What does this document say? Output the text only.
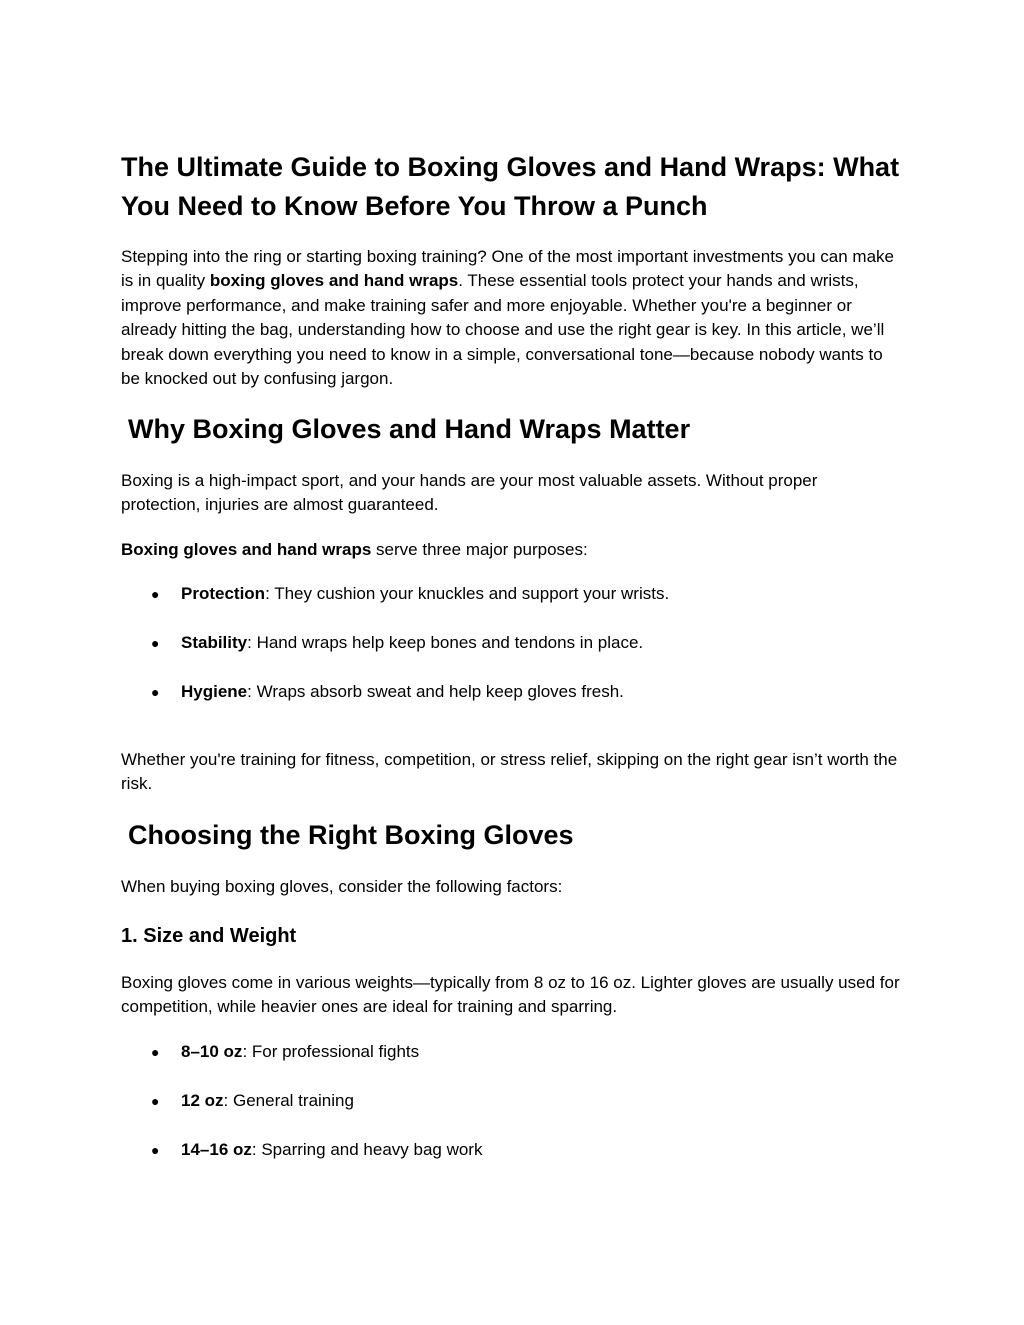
The Ultimate Guide to Boxing Gloves and Hand Wraps: What You Need to Know Before You Throw a Punch

Stepping into the ring or starting boxing training? One of the most important investments you can make is in quality boxing gloves and hand wraps. These essential tools protect your hands and wrists, improve performance, and make training safer and more enjoyable. Whether you're a beginner or already hitting the bag, understanding how to choose and use the right gear is key. In this article, we’ll break down everything you need to know in a simple, conversational tone—because nobody wants to be knocked out by confusing jargon.

Why Boxing Gloves and Hand Wraps Matter

Boxing is a high-impact sport, and your hands are your most valuable assets. Without proper protection, injuries are almost guaranteed.

Boxing gloves and hand wraps serve three major purposes:

● Protection: They cushion your knuckles and support your wrists.
● Stability: Hand wraps help keep bones and tendons in place.
● Hygiene: Wraps absorb sweat and help keep gloves fresh.

Whether you're training for fitness, competition, or stress relief, skipping on the right gear isn’t worth the risk.

Choosing the Right Boxing Gloves

When buying boxing gloves, consider the following factors:

1. Size and Weight

Boxing gloves come in various weights—typically from 8 oz to 16 oz. Lighter gloves are usually used for competition, while heavier ones are ideal for training and sparring.

● 8–10 oz: For professional fights
● 12 oz: General training
● 14–16 oz: Sparring and heavy bag work
